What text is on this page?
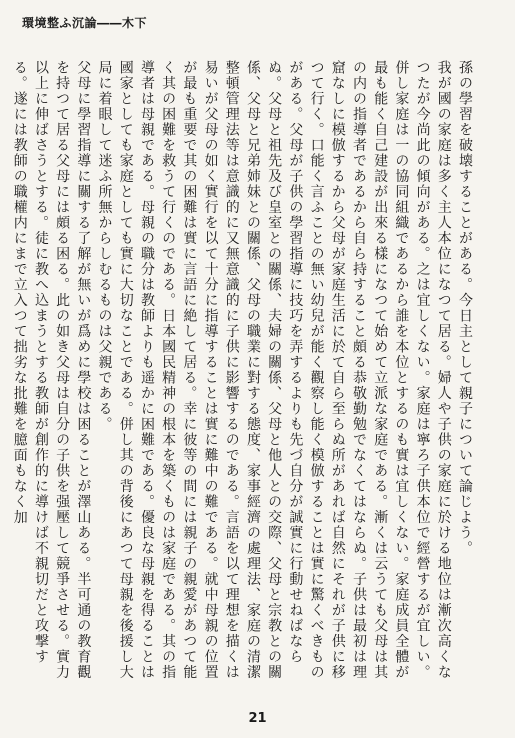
環境整ふ沉論――木下

孫の學習を破壊することがある。今日主として親子について論じよう。

我が國の家庭は多く主人本位になつて居る。婦人や子供の家庭に於ける地位は漸次高くなつたが今尚此の傾向がある。之は宜しくない。家庭は寧ろ子供本位で經營するが宜しい。併し家庭は一の協同組織であるから誰を本位とするのも實は宜しくない。家庭成員全體が最も能く自己建設が出來る樣になつて始めて立派な家庭である。漸くは云うても父母は其の内の指導者であるから自ら持すること頗る恭敬勤勉でなくてはならぬ。子供は最初は理窟なしに模倣するから父母が家庭生活に於て自ら至らぬ所があれば自然にそれが子供に移つて行く。口能く言ふことの無い幼兒が能く觀察し能く模倣することは實に驚くべきものがある。父母が子供の學習指導に技巧を弄するよりも先づ自分が誠實に行動せねばならぬ。父母と祖先及び皇室との關係、夫婦の關係、父母と他人との交際、父母と宗教との關係、父母と兄弟姉妹との關係、父母の職業に對する態度、家事經濟の處理法、家庭の清潔整頓管理法等は意識的に又無意識的に子供に影響するのである。言語を以て理想を描くは易いが父母の如く實行を以て十分に指導することは實に難中の難である。就中母親の位置が最も重要で其の困難は實に言語に絶して居る。幸に彼等の間には親子の親愛があつて能く其の困難を救うて行くのである。日本國民精神の根本を築くものは家庭である。其の指導者は母親である。母親の職分は教師よりも遥かに困難である。優良な母親を得ることは國家としても家庭としても實に大切なことである。併し其の背後にあつて母親を後援し大局に着眼して迷ふ所無からしむるものは父親である。

父母に學習指導に關する了解が無いが爲めに學校は困ることが澤山ある。半可通の教育觀を持つて居る父母には頗る困る。此の如き父母は自分の子供を强壓して競爭させる。實力以上に伸ばさうとする。徒に教へ込まうとする教師が創作的に導けば不親切だと攻撃する。遂には教師の職權内にまで立入つて拙劣な批難を臆面もなく加

21
